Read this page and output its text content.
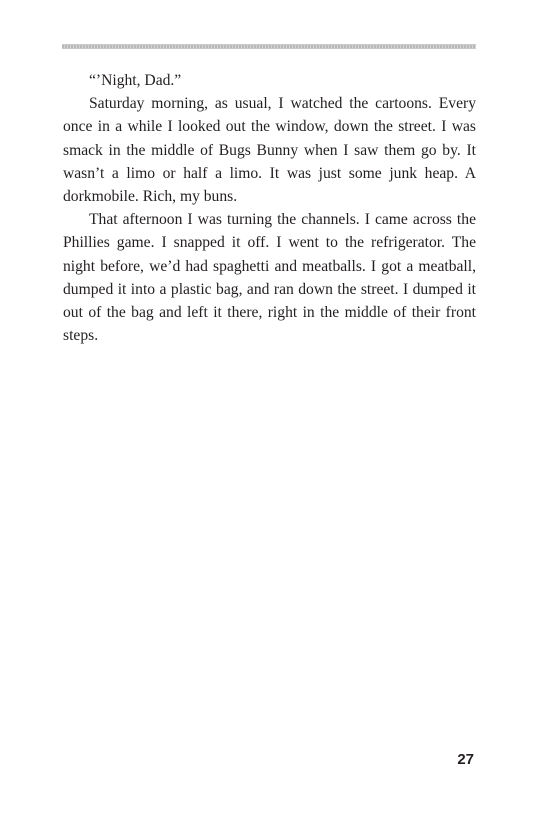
“’Night, Dad.”

Saturday morning, as usual, I watched the cartoons. Every once in a while I looked out the window, down the street. I was smack in the middle of Bugs Bunny when I saw them go by. It wasn’t a limo or half a limo. It was just some junk heap. A dorkmobile. Rich, my buns.

That afternoon I was turning the channels. I came across the Phillies game. I snapped it off. I went to the refrigerator. The night before, we’d had spaghetti and meatballs. I got a meatball, dumped it into a plastic bag, and ran down the street. I dumped it out of the bag and left it there, right in the middle of their front steps.

27
